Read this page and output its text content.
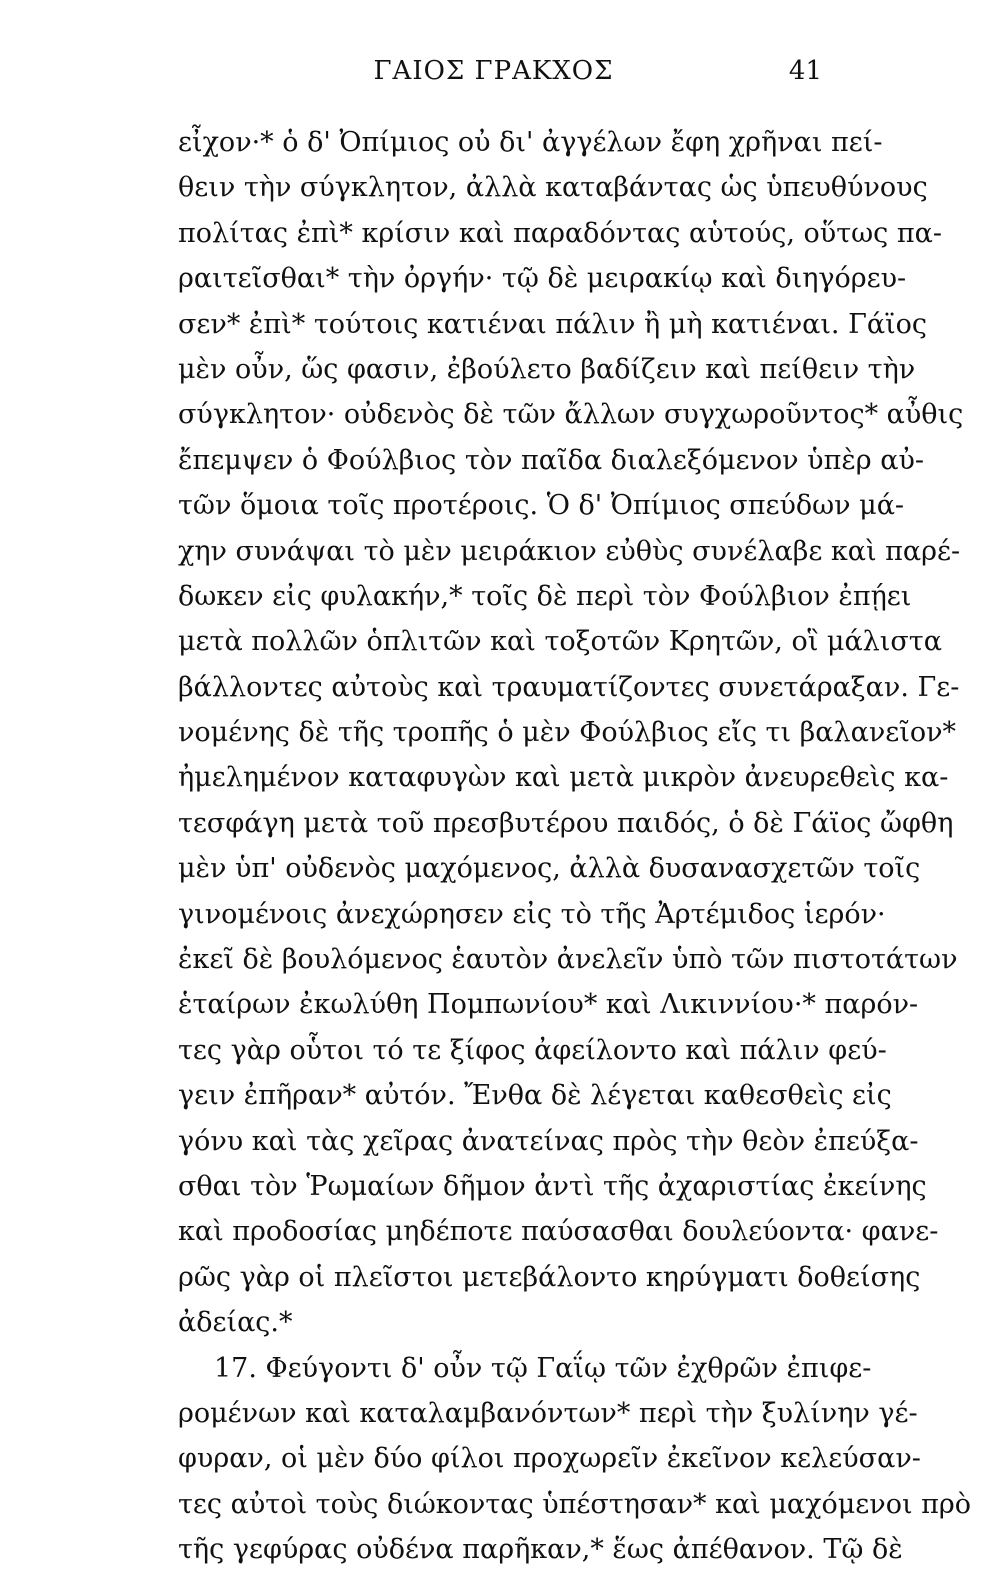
ΓΑΙΟΣ ΓΡΑΚΧΟΣ	41
εἶχον·* ὁ δ' Ὀπίμιος οὐ δι' ἀγγέλων ἔφη χρῆναι πεί-
θειν τὴν σύγκλητον, ἀλλὰ καταβάντας ὡς ὑπευθύνους
πολίτας ἐπὶ* κρίσιν καὶ παραδόντας αὑτούς, οὕτως πα-
ραιτεῖσθαι* τὴν ὀργήν· τῷ δὲ μειρακίῳ καὶ διηγόρευ-
σεν* ἐπὶ* τούτοις κατιέναι πάλιν ἢ μὴ κατιέναι. Γάϊος
μὲν οὖν, ὥς φασιν, ἐβούλετο βαδίζειν καὶ πείθειν τὴν
σύγκλητον· οὐδενὸς δὲ τῶν ἄλλων συγχωροῦντος* αὖθις
ἔπεμψεν ὁ Φούλβιος τὸν παῖδα διαλεξόμενον ὑπὲρ αὐ-
τῶν ὅμοια τοῖς προτέροις. Ὁ δ' Ὀπίμιος σπεύδων μά-
χην συνάψαι τὸ μὲν μειράκιον εὐθὺς συνέλαβε καὶ παρέ-
δωκεν εἰς φυλακήν,* τοῖς δὲ περὶ τὸν Φούλβιον ἐπῄει
μετὰ πολλῶν ὁπλιτῶν καὶ τοξοτῶν Κρητῶν, οἳ μάλιστα
βάλλοντες αὐτοὺς καὶ τραυματίζοντες συνετάραξαν. Γε-
νομένης δὲ τῆς τροπῆς ὁ μὲν Φούλβιος εἴς τι βαλανεῖον*
ἠμελημένον καταφυγὼν καὶ μετὰ μικρὸν ἀνευρεθεὶς κα-
τεσφάγη μετὰ τοῦ πρεσβυτέρου παιδός, ὁ δὲ Γάϊος ὤφθη
μὲν ὑπ' οὐδενὸς μαχόμενος, ἀλλὰ δυσανασχετῶν τοῖς
γινομένοις ἀνεχώρησεν εἰς τὸ τῆς Ἀρτέμιδος ἱερόν·
ἐκεῖ δὲ βουλόμενος ἑαυτὸν ἀνελεῖν ὑπὸ τῶν πιστοτάτων
ἑταίρων ἐκωλύθη Πομπωνίου* καὶ Λικιννίου·* παρόν-
τες γὰρ οὗτοι τό τε ξίφος ἀφείλοντο καὶ πάλιν φεύ-
γειν ἐπῆραν* αὐτόν. Ἔνθα δὲ λέγεται καθεσθεὶς εἰς
γόνυ καὶ τὰς χεῖρας ἀνατείνας πρὸς τὴν θεὸν ἐπεύξα-
σθαι τὸν Ῥωμαίων δῆμον ἀντὶ τῆς ἀχαριστίας ἐκείνης
καὶ προδοσίας μηδέποτε παύσασθαι δουλεύοντα· φανε-
ρῶς γὰρ οἱ πλεῖστοι μετεβάλοντο κηρύγματι δοθείσης
ἀδείας.*
17. Φεύγοντι δ' οὖν τῷ Γαΐῳ τῶν ἐχθρῶν ἐπιφε-
ρομένων καὶ καταλαμβανόντων* περὶ τὴν ξυλίνην γέ-
φυραν, οἱ μὲν δύο φίλοι προχωρεῖν ἐκεῖνον κελεύσαν-
τες αὐτοὶ τοὺς διώκοντας ὑπέστησαν* καὶ μαχόμενοι πρὸ
τῆς γεφύρας οὐδένα παρῆκαν,* ἕως ἀπέθανον. Τῷ δὲ
